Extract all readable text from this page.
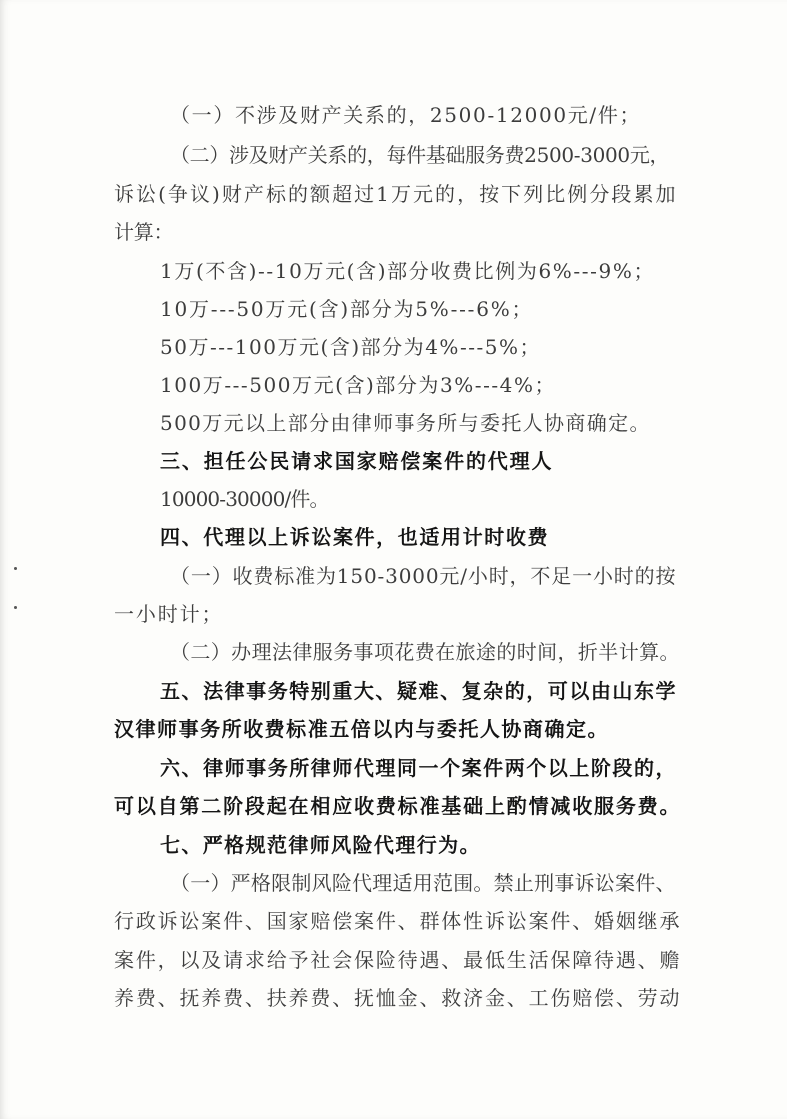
（一）不涉及财产关系的，2500-12000元/件；
（二）涉及财产关系的，每件基础服务费2500-3000元，
诉讼(争议)财产标的额超过1万元的，按下列比例分段累加
计算：
1万(不含)--10万元(含)部分收费比例为6%---9%；
10万---50万元(含)部分为5%---6%；
50万---100万元(含)部分为4%---5%；
100万---500万元(含)部分为3%---4%；
500万元以上部分由律师事务所与委托人协商确定。
三、担任公民请求国家赔偿案件的代理人
10000-30000/件。
四、代理以上诉讼案件，也适用计时收费
（一）收费标准为150-3000元/小时，不足一小时的按
一小时计；
（二）办理法律服务事项花费在旅途的时间，折半计算。
五、法律事务特别重大、疑难、复杂的，可以由山东学
汉律师事务所收费标准五倍以内与委托人协商确定。
六、律师事务所律师代理同一个案件两个以上阶段的，
可以自第二阶段起在相应收费标准基础上酌情减收服务费。
七、严格规范律师风险代理行为。
（一）严格限制风险代理适用范围。禁止刑事诉讼案件、
行政诉讼案件、国家赔偿案件、群体性诉讼案件、婚姻继承
案件，以及请求给予社会保险待遇、最低生活保障待遇、赡
养费、抚养费、扶养费、抚恤金、救济金、工伤赔偿、劳动
